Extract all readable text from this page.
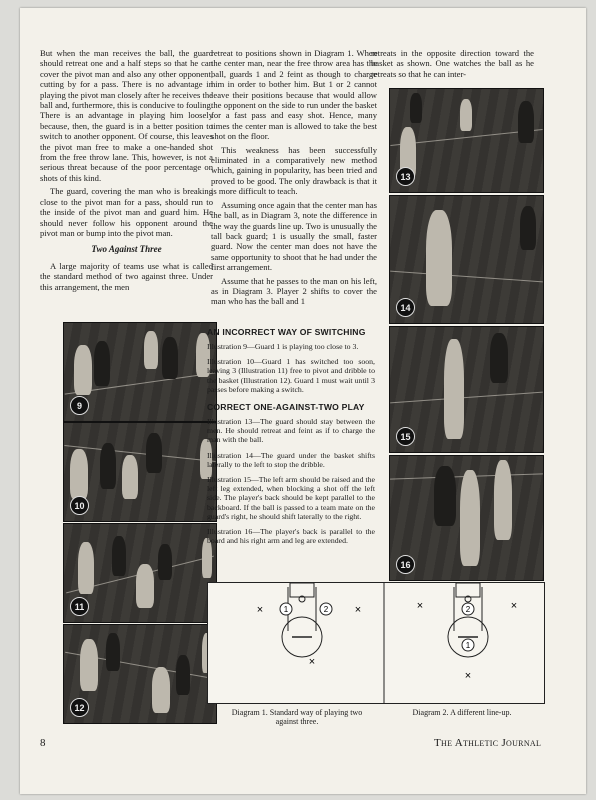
But when the man receives the ball, the guard should retreat one and a half steps so that he can cover the pivot man and also any other opponent, cutting by for a pass. There is no advantage in playing the pivot man closely after he receives the ball and, furthermore, this is conducive to fouling. There is an advantage in playing him loosely because, then, the guard is in a better position to switch to another opponent. Of course, this leaves the pivot man free to make a one-handed shot from the free throw lane. This, however, is not a serious threat because of the poor percentage on shots of this kind.

The guard, covering the man who is breaking close to the pivot man for a pass, should run to the inside of the pivot man and guard him. He should never follow his opponent around the pivot man or bump into the pivot man.

Two Against Three

A large majority of teams use what is called the standard method of two against three. Under this arrangement, the men

retreat to positions shown in Diagram 1. When the center man, near the free throw area has the ball, guards 1 and 2 feint as though to charge him in order to bother him. But 1 or 2 cannot leave their positions because that would allow the opponent on the side to run under the basket for a fast pass and easy shot. Hence, many times the center man is allowed to take the best shot on the floor.

This weakness has been successfully eliminated in a comparatively new method which, gaining in popularity, has been tried and proved to be good. The only drawback is that it is more difficult to teach.

Assuming once again that the center man has the ball, as in Diagram 3, note the difference in the way the guards line up. Two is unusually the tall back guard; 1 is usually the small, faster guard. Now the center man does not have the same opportunity to shoot that he had under the first arrangement.

Assume that he passes to the man on his left, as in Diagram 3. Player 2 shifts to cover the man who has the ball and 1

retreats in the opposite direction toward the basket as shown. One watches the ball as he retreats so that he can inter-

9
10
11
12
13
14
15
16
AN INCORRECT WAY OF SWITCHING

Illustration 9—Guard 1 is playing too close to 3.

Illustration 10—Guard 1 has switched too soon, leaving 3 (Illustration 11) free to pivot and dribble to the basket (Illustration 12). Guard 1 must wait until 3 passes before making a switch.

CORRECT ONE-AGAINST-TWO PLAY

Illustration 13—The guard should stay between the men. He should retreat and feint as if to charge the man with the ball.

Illustration 14—The guard under the basket shifts laterally to the left to stop the dribble.

Illustration 15—The left arm should be raised and the left leg extended, when blocking a shot off the left side. The player's back should be kept parallel to the backboard. If the ball is passed to a team mate on the guard's right, he should shift laterally to the right.

Illustration 16—The player's back is parallel to the board and his right arm and leg are extended.

1	2
×	×
×
2
1
×	×
×
Diagram 1. Standard way of playing two against three.
Diagram 2. A different line-up.
8	The Athletic Journal
